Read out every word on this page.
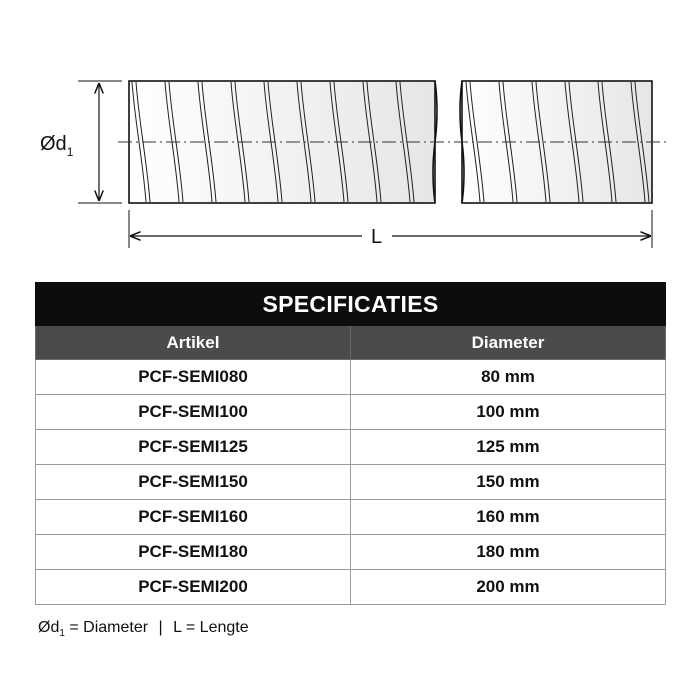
$Ød_1$
L
SPECIFICATIES	
Artikel	Diameter
PCF-SEMI080	80 mm
PCF-SEMI100	100 mm
PCF-SEMI125	125 mm
PCF-SEMI150	150 mm
PCF-SEMI160	160 mm
PCF-SEMI180	180 mm
PCF-SEMI200	200 mm
$Ød_1$ = Diameter | L = Lengte
